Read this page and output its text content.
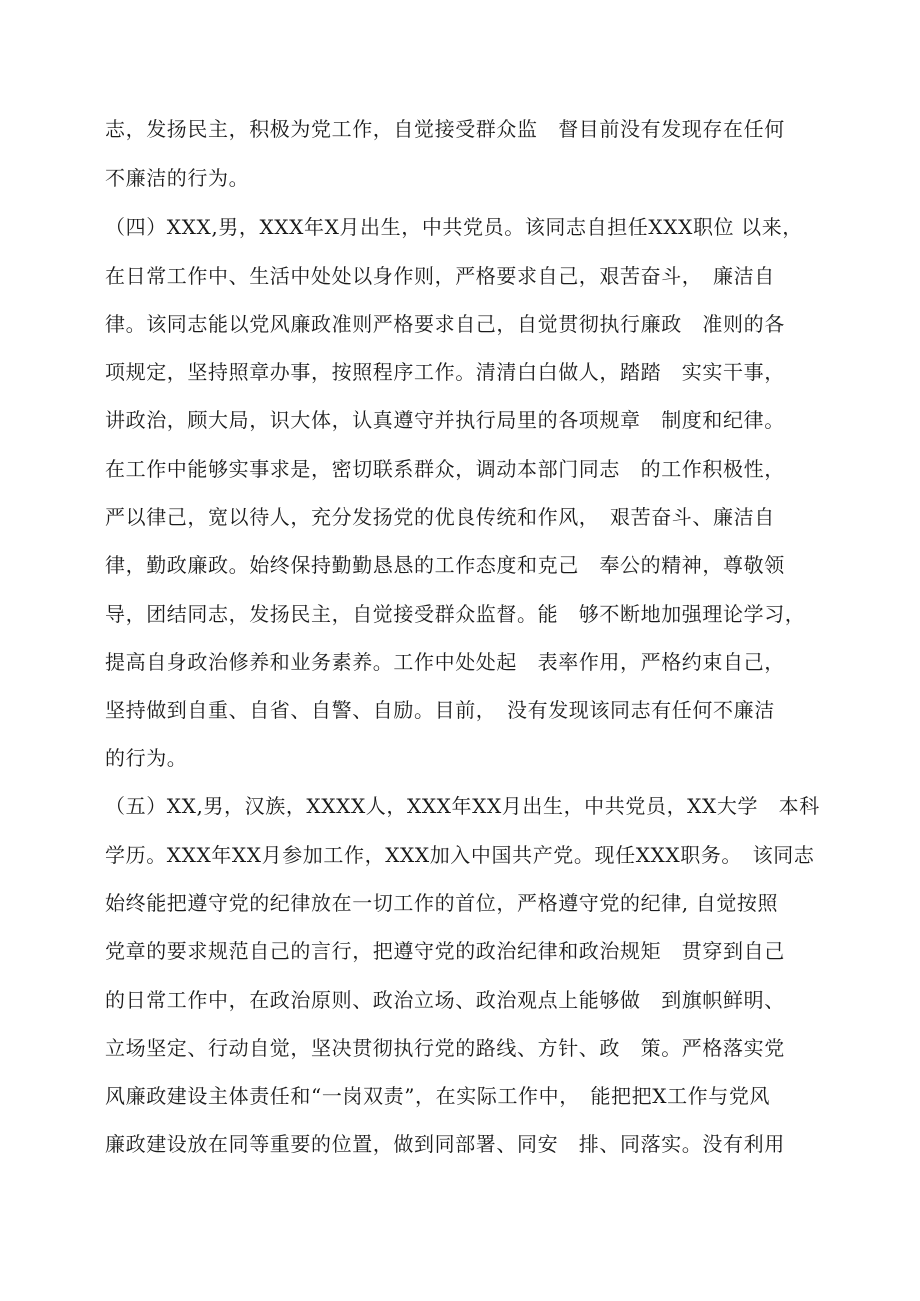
志，发扬民主，积极为党工作，自觉接受群众监　督目前没有发现存在任何
不廉洁的行为。
（四）XXX,男，XXX年X月出生，中共党员。该同志自担任XXX职位 以来，
在日常工作中、生活中处处以身作则，严格要求自己，艰苦奋斗，　廉洁自
律。该同志能以党风廉政准则严格要求自己，自觉贯彻执行廉政　准则的各
项规定，坚持照章办事，按照程序工作。清清白白做人，踏踏　实实干事，
讲政治，顾大局，识大体，认真遵守并执行局里的各项规章　制度和纪律。
在工作中能够实事求是，密切联系群众，调动本部门同志　的工作积极性，
严以律己，宽以待人，充分发扬党的优良传统和作风，　艰苦奋斗、廉洁自
律，勤政廉政。始终保持勤勤恳恳的工作态度和克己　奉公的精神，尊敬领
导，团结同志，发扬民主，自觉接受群众监督。能　够不断地加强理论学习，
提高自身政治修养和业务素养。工作中处处起　表率作用，严格约束自己，
坚持做到自重、自省、自警、自励。目前，　没有发现该同志有任何不廉洁
的行为。
（五）XX,男，汉族，XXXX人，XXX年XX月出生，中共党员，XX大学　本科
学历。XXX年XX月参加工作，XXX加入中国共产党。现任XXX职务。　该同志
始终能把遵守党的纪律放在一切工作的首位，严格遵守党的纪律, 自觉按照
党章的要求规范自己的言行，把遵守党的政治纪律和政治规矩　贯穿到自己
的日常工作中，在政治原则、政治立场、政治观点上能够做　到旗帜鲜明、
立场坚定、行动自觉，坚决贯彻执行党的路线、方针、政　策。严格落实党
风廉政建设主体责任和“一岗双责”，在实际工作中，　能把把X工作与党风
廉政建设放在同等重要的位置，做到同部署、同安　排、同落实。没有利用
